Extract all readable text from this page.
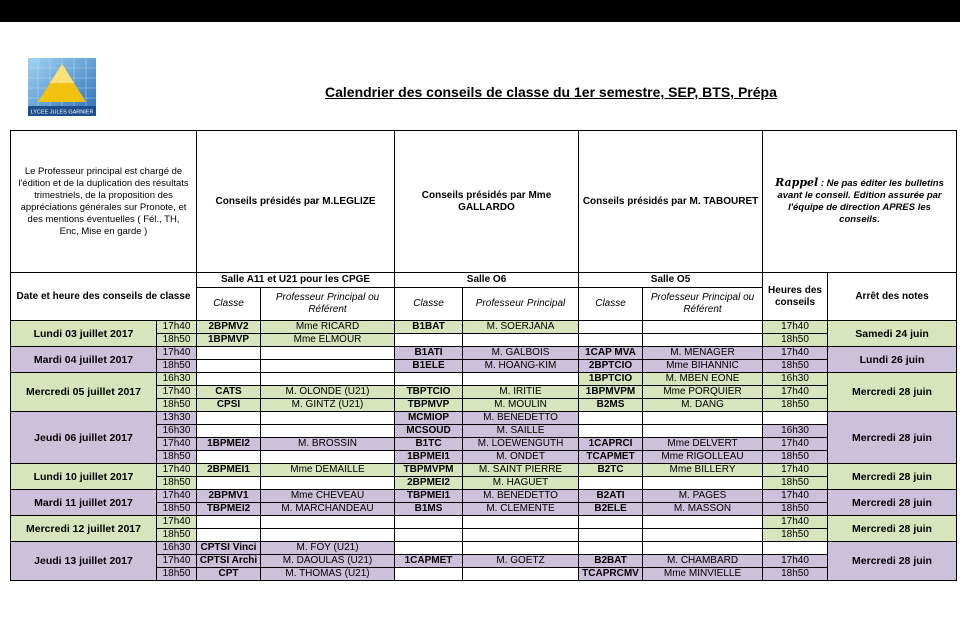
LYCEE JULES GARNIER
Calendrier des conseils de classe du 1er semestre, SEP, BTS, Prépa
Le Professeur principal est chargé de l'édition et de la duplication des résultats trimestriels, de la proposition des appréciations générales sur Pronote, et des mentions éventuelles ( Fél., TH, Enc, Mise en garde )		Conseils présidés par M.LEGLIZE		Conseils présidés par Mme GALLARDO		Conseils présidés par M. TABOURET		Rappel : Ne pas éditer les bulletins avant le conseil. Edition assurée par l'équipe de direction APRES les conseils.	
Date et heure des conseils de classe		Salle A11 et U21 pour les CPGE		Salle O6		Salle O5		Heures des conseils	Arrêt des notes
		Classe	Professeur Principal ou Référent	Classe	Professeur Principal	Classe	Professeur Principal ou Référent		
Lundi 03 juillet 2017	17h40	2BPMV2	Mme RICARD	B1BAT	M. SOERJANA			17h40	Samedi 24 juin
	18h50	1BPMVP	Mme ELMOUR					18h50	
Mardi 04 juillet 2017	17h40			B1ATI	M. GALBOIS	1CAP MVA	M. MENAGER	17h40	Lundi 26 juin
	18h50			B1ELE	M. HOANG-KIM	2BPTCIO	Mme BIHANNIC	18h50	
Mercredi 05 juillet 2017	16h30					1BPTCIO	M. MBEN EONE	16h30	Mercredi 28 juin
	17h40	CATS	M. OLONDE (U21)	TBPTCIO	M. IRITIE	1BPMVPM	Mme PORQUIER	17h40	
	18h50	CPSI	M. GINTZ (U21)	TBPMVP	M. MOULIN	B2MS	M. DANG	18h50	
Jeudi 06 juillet 2017	13h30			MCMIOP	M. BENEDETTO				Mercredi 28 juin
	16h30			MCSOUD	M. SAILLE			16h30	
	17h40	1BPMEI2	M. BROSSIN	B1TC	M. LOEWENGUTH	1CAPRCI	Mme DELVERT	17h40	
	18h50			1BPMEI1	M. ONDET	TCAPMET	Mme RIGOLLEAU	18h50	
Lundi 10 juillet 2017	17h40	2BPMEI1	Mme DEMAILLE	TBPMVPM	M. SAINT PIERRE	B2TC	Mme BILLERY	17h40	Mercredi 28 juin
	18h50			2BPMEI2	M. HAGUET			18h50	
Mardi 11 juillet 2017	17h40	2BPMV1	Mme CHEVEAU	TBPMEI1	M. BENEDETTO	B2ATI	M. PAGES	17h40	Mercredi 28 juin
	18h50	TBPMEI2	M. MARCHANDEAU	B1MS	M. CLEMENTE	B2ELE	M. MASSON	18h50	
Mercredi 12 juillet 2017	17h40							17h40	Mercredi 28 juin
	18h50							18h50	
Jeudi 13 juillet 2017	16h30	CPTSI Vinci	M. FOY (U21)						Mercredi 28 juin
	17h40	CPTSI Archi	M. DAOULAS (U21)	1CAPMET	M. GOETZ	B2BAT	M. CHAMBARD	17h40	
	18h50	CPT	M. THOMAS (U21)			TCAPRCMV	Mme MINVIELLE	18h50	
